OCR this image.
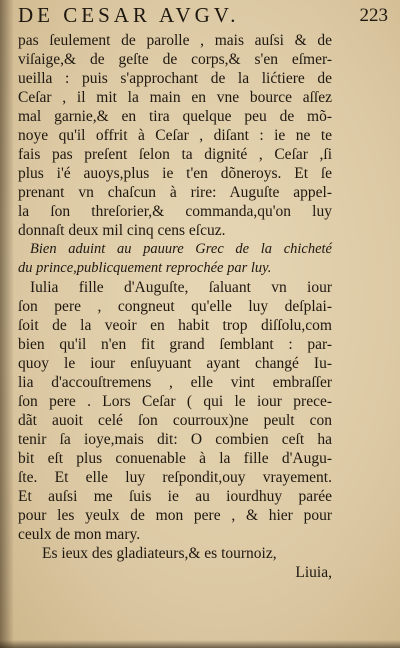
DE CESAR AVGV.	223
pas ſeulement de parolle , mais auſsi & de
viſaige,& de geſte de corps,& s'en eſmer-
ueilla : puis s'approchant de la lićtiere de
Ceſar , il mit la main en vne bource aſſez
mal garnie,& en tira quelque peu de mõ-
noye qu'il offrit à Ceſar , diſant : ie ne te
fais pas preſent ſelon ta dignité , Ceſar ,ſi
plus i'é auoys,plus ie t'en dõneroys. Et ſe
prenant vn chaſcun à rire: Auguſte appel-
la ſon threſorier,& commanda,qu'on luy
donnaſt deux mil cinq cens eſcuz.
Bien aduint au pauure Grec de la chicheté
du prince,publicquement reprochée par luy.
Iulia fille d'Auguſte, ſaluant vn iour
ſon pere , congneut qu'elle luy deſplai-
ſoit de la veoir en habit trop diſſolu,com
bien qu'il n'en fit grand ſemblant : par-
quoy le iour enſuyuant ayant changé Iu-
lia d'accouſtremens , elle vint embraſſer
ſon pere . Lors Ceſar ( qui le iour prece-
dãt auoit celé ſon courroux)ne peult con
tenir ſa ioye,mais dit: O combien ceſt ha
bit eſt plus conuenable à la fille d'Augu-
ſte. Et elle luy reſpondit,ouy vrayement.
Et auſsi me ſuis ie au iourdhuy parée
pour les yeulx de mon pere , & hier pour
ceulx de mon mary.
Es ieux des gladiateurs,& es tournoiz,
Liuia,
